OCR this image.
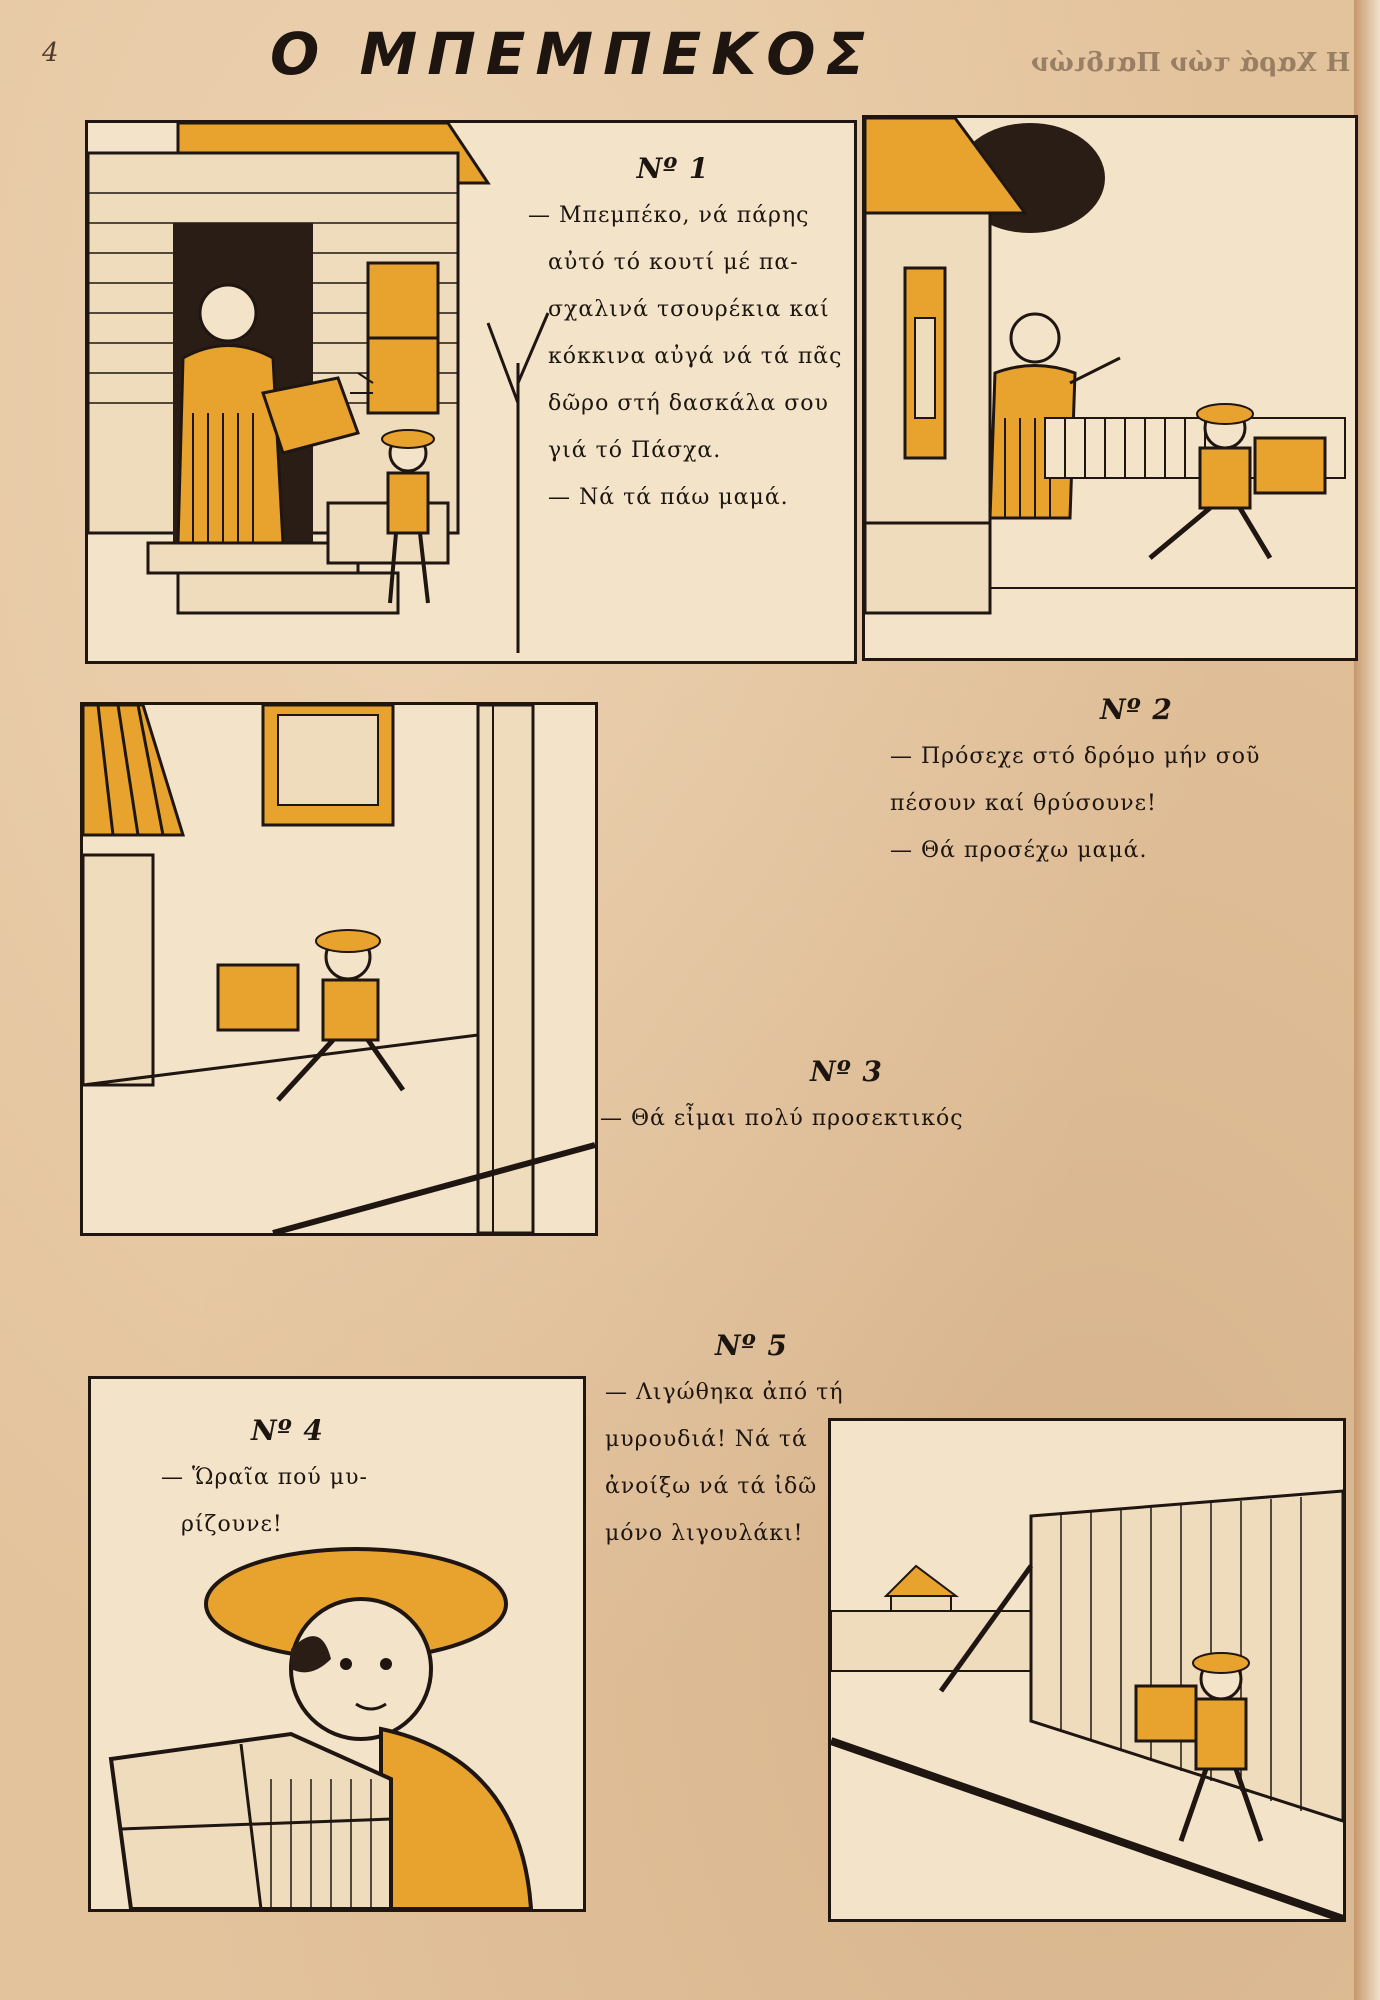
4	Ο ΜΠΕΜΠΕΚΟΣ	Η Χαρά τών Παιδιών
Nº 1
— Μπεμπέκο, νά πάρης
αὐτό τό κουτί μέ πα-
σχαλινά τσουρέκια καί
κόκκινα αὐγά νά τά πᾶς
δῶρο στή δασκάλα σου
γιά τό Πάσχα.
— Νά τά πάω μαμά.
Nº 2
— Πρόσεχε στό δρόμο μήν σοῦ
πέσουν καί θρύσουνε!
— Θά προσέχω μαμά.
Nº 3
— Θά εἶμαι πολύ προσεκτικός
Nº 4
— Ὥραῖα πού μυ-
ρίζουνε!
Nº 5
— Λιγώθηκα ἀπό τή
μυρουδιά! Νά τά
ἀνοίξω νά τά ἰδῶ
μόνο λιγουλάκι!
